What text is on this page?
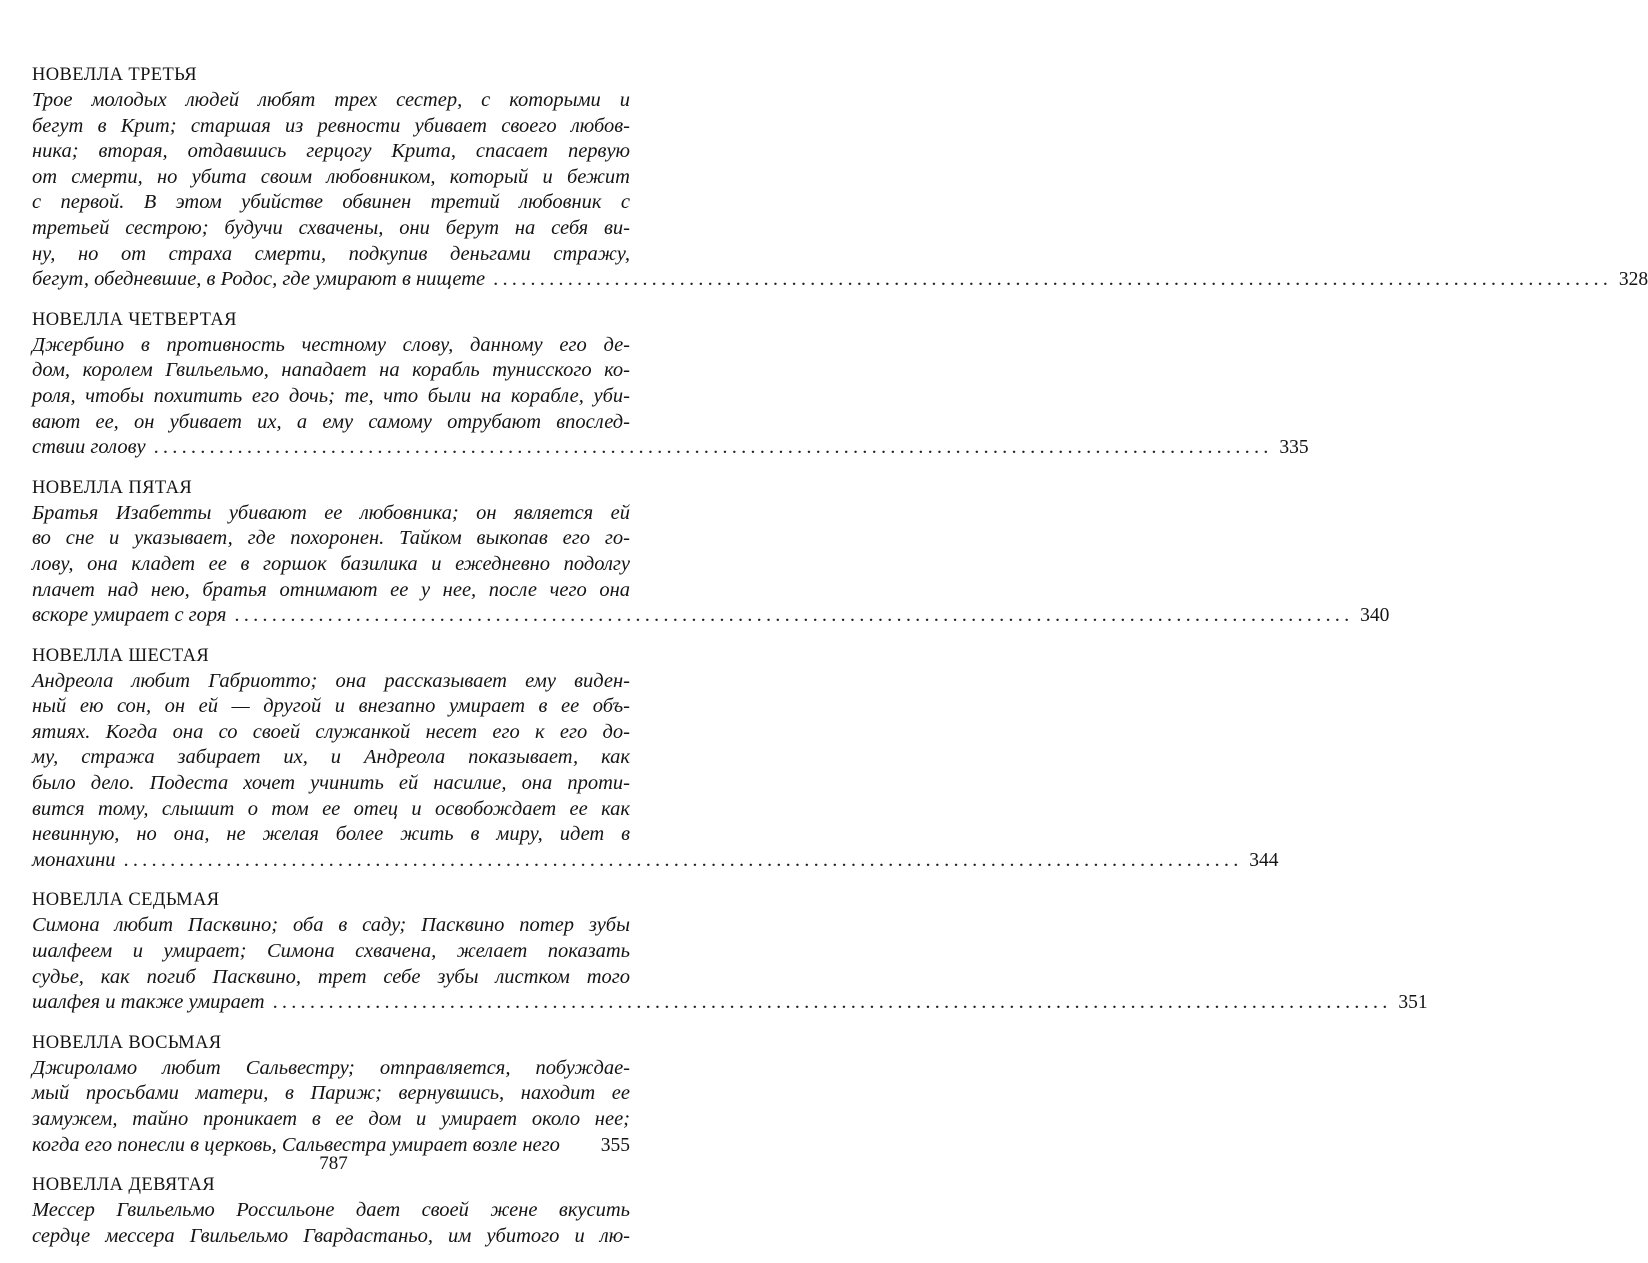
НОВЕЛЛА ТРЕТЬЯ
Трое молодых людей любят трех сестер, с которыми и
бегут в Крит; старшая из ревности убивает своего любов-
ника; вторая, отдавшись герцогу Крита, спасает первую
от смерти, но убита своим любовником, который и бежит
с первой. В этом убийстве обвинен третий любовник с
третьей сестрою; будучи схвачены, они берут на себя ви-
ну, но от страха смерти, подкупив деньгами стражу,
бегут, обедневшие, в Родос, где умирают в нищете ........................................................................................................................ 328
НОВЕЛЛА ЧЕТВЕРТАЯ
Джербино в противность честному слову, данному его де-
дом, королем Гвильельмо, нападает на корабль тунисского ко-
роля, чтобы похитить его дочь; те, что были на корабле, уби-
вают ее, он убивает их, а ему самому отрубают впослед-
ствии голову ........................................................................................................................ 335
НОВЕЛЛА ПЯТАЯ
Братья Изабетты убивают ее любовника; он является ей
во сне и указывает, где похоронен. Тайком выкопав его го-
лову, она кладет ее в горшок базилика и ежедневно подолгу
плачет над нею, братья отнимают ее у нее, после чего она
вскоре умирает с горя ........................................................................................................................ 340
НОВЕЛЛА ШЕСТАЯ
Андреола любит Габриотто; она рассказывает ему виден-
ный ею сон, он ей — другой и внезапно умирает в ее объ-
ятиях. Когда она со своей служанкой несет его к его до-
му, стража забирает их, и Андреола показывает, как
было дело. Подеста хочет учинить ей насилие, она проти-
вится тому, слышит о том ее отец и освобождает ее как
невинную, но она, не желая более жить в миру, идет в
монахини ........................................................................................................................ 344
НОВЕЛЛА СЕДЬМАЯ
Симона любит Пасквино; оба в саду; Пасквино потер зубы
шалфеем и умирает; Симона схвачена, желает показать
судье, как погиб Пасквино, трет себе зубы листком того
шалфея и также умирает ........................................................................................................................ 351
НОВЕЛЛА ВОСЬМАЯ
Джироламо любит Сальвестру; отправляется, побуждае-
мый просьбами матери, в Париж; вернувшись, находит ее
замужем, тайно проникает в ее дом и умирает около нее;
когда его понесли в церковь, Сальвестра умирает возле него 355
НОВЕЛЛА ДЕВЯТАЯ
Мессер Гвильельмо Россильоне дает своей жене вкусить
сердце мессера Гвильельмо Гвардастаньо, им убитого и лю-
787
